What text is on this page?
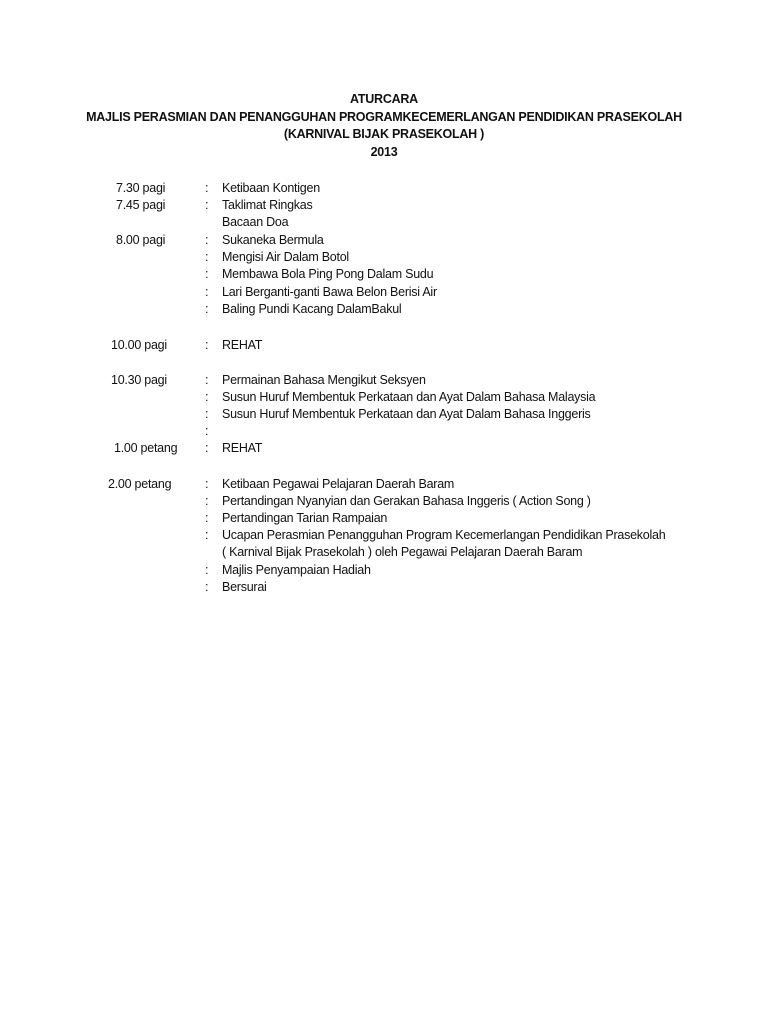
ATURCARA
MAJLIS PERASMIAN DAN PENANGGUHAN PROGRAMKECEMERLANGAN PENDIDIKAN PRASEKOLAH
(KARNIVAL BIJAK PRASEKOLAH )
2013
7.30 pagi	: Ketibaan Kontigen
7.45 pagi	: Taklimat Ringkas
Bacaan Doa
8.00 pagi	: Sukaneka Bermula
: Mengisi Air Dalam Botol
: Membawa Bola Ping Pong Dalam Sudu
: Lari Berganti-ganti Bawa Belon Berisi Air
: Baling Pundi Kacang DalamBakul
10.00 pagi	: REHAT
10.30 pagi	: Permainan Bahasa Mengikut Seksyen
: Susun Huruf Membentuk Perkataan dan Ayat Dalam Bahasa Malaysia
: Susun Huruf Membentuk Perkataan dan Ayat Dalam Bahasa Inggeris
:
1.00 petang : REHAT
2.00 petang	: Ketibaan Pegawai Pelajaran Daerah Baram
: Pertandingan Nyanyian dan Gerakan Bahasa Inggeris ( Action Song )
: Pertandingan Tarian Rampaian
: Ucapan Perasmian Penangguhan Program Kecemerlangan Pendidikan Prasekolah
( Karnival Bijak Prasekolah ) oleh Pegawai Pelajaran Daerah Baram
: Majlis Penyampaian Hadiah
: Bersurai
